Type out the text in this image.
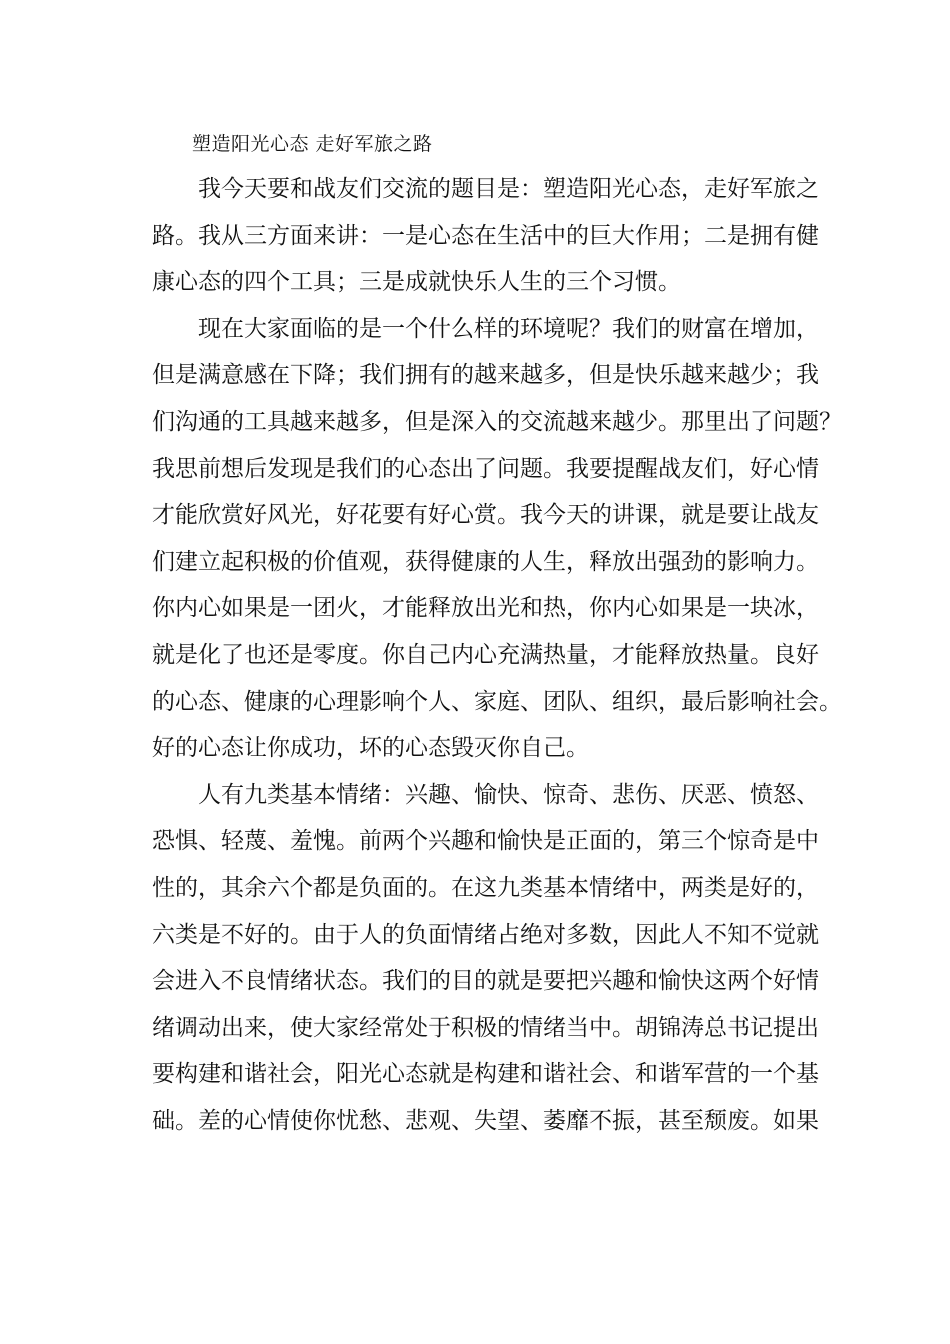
塑造阳光心态 走好军旅之路

我今天要和战友们交流的题目是：塑造阳光心态，走好军旅之
路。我从三方面来讲：一是心态在生活中的巨大作用；二是拥有健
康心态的四个工具；三是成就快乐人生的三个习惯。

现在大家面临的是一个什么样的环境呢？我们的财富在增加，
但是满意感在下降；我们拥有的越来越多，但是快乐越来越少；我
们沟通的工具越来越多，但是深入的交流越来越少。那里出了问题？
我思前想后发现是我们的心态出了问题。我要提醒战友们，好心情
才能欣赏好风光，好花要有好心赏。我今天的讲课，就是要让战友
们建立起积极的价值观，获得健康的人生，释放出强劲的影响力。
你内心如果是一团火，才能释放出光和热，你内心如果是一块冰，
就是化了也还是零度。你自己内心充满热量，才能释放热量。良好
的心态、健康的心理影响个人、家庭、团队、组织，最后影响社会。
好的心态让你成功，坏的心态毁灭你自己。

人有九类基本情绪：兴趣、愉快、惊奇、悲伤、厌恶、愤怒、
恐惧、轻蔑、羞愧。前两个兴趣和愉快是正面的，第三个惊奇是中
性的，其余六个都是负面的。在这九类基本情绪中，两类是好的，
六类是不好的。由于人的负面情绪占绝对多数，因此人不知不觉就
会进入不良情绪状态。我们的目的就是要把兴趣和愉快这两个好情
绪调动出来，使大家经常处于积极的情绪当中。胡锦涛总书记提出
要构建和谐社会，阳光心态就是构建和谐社会、和谐军营的一个基
础。差的心情使你忧愁、悲观、失望、萎靡不振，甚至颓废。如果
